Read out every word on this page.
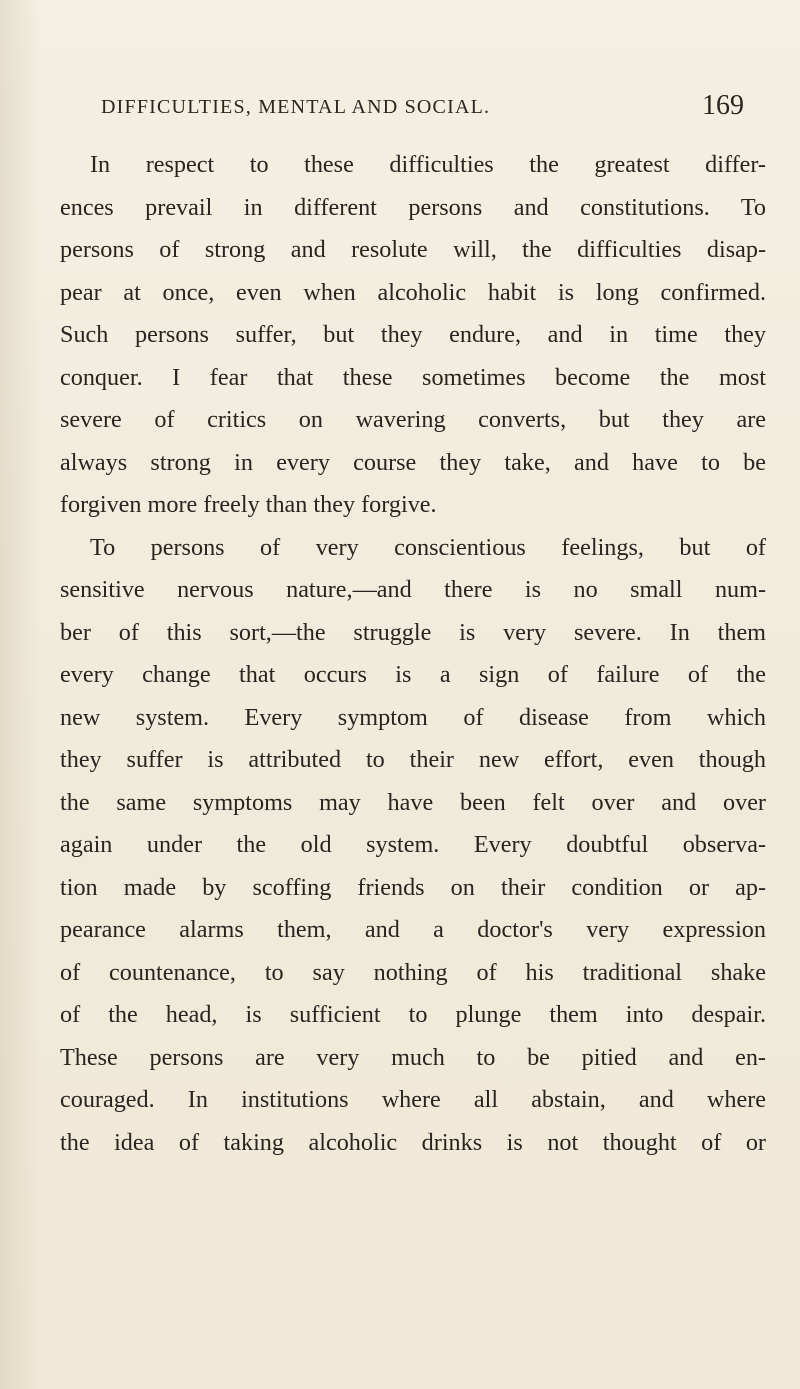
DIFFICULTIES, MENTAL AND SOCIAL.	169
In respect to these difficulties the greatest differ-
ences prevail in different persons and constitutions. To
persons of strong and resolute will, the difficulties disap-
pear at once, even when alcoholic habit is long confirmed.
Such persons suffer, but they endure, and in time they
conquer. I fear that these sometimes become the most
severe of critics on wavering converts, but they are
always strong in every course they take, and have to be
forgiven more freely than they forgive.
To persons of very conscientious feelings, but of
sensitive nervous nature,—and there is no small num-
ber of this sort,—the struggle is very severe. In them
every change that occurs is a sign of failure of the
new system. Every symptom of disease from which
they suffer is attributed to their new effort, even though
the same symptoms may have been felt over and over
again under the old system. Every doubtful observa-
tion made by scoffing friends on their condition or ap-
pearance alarms them, and a doctor's very expression
of countenance, to say nothing of his traditional shake
of the head, is sufficient to plunge them into despair.
These persons are very much to be pitied and en-
couraged. In institutions where all abstain, and where
the idea of taking alcoholic drinks is not thought of or
